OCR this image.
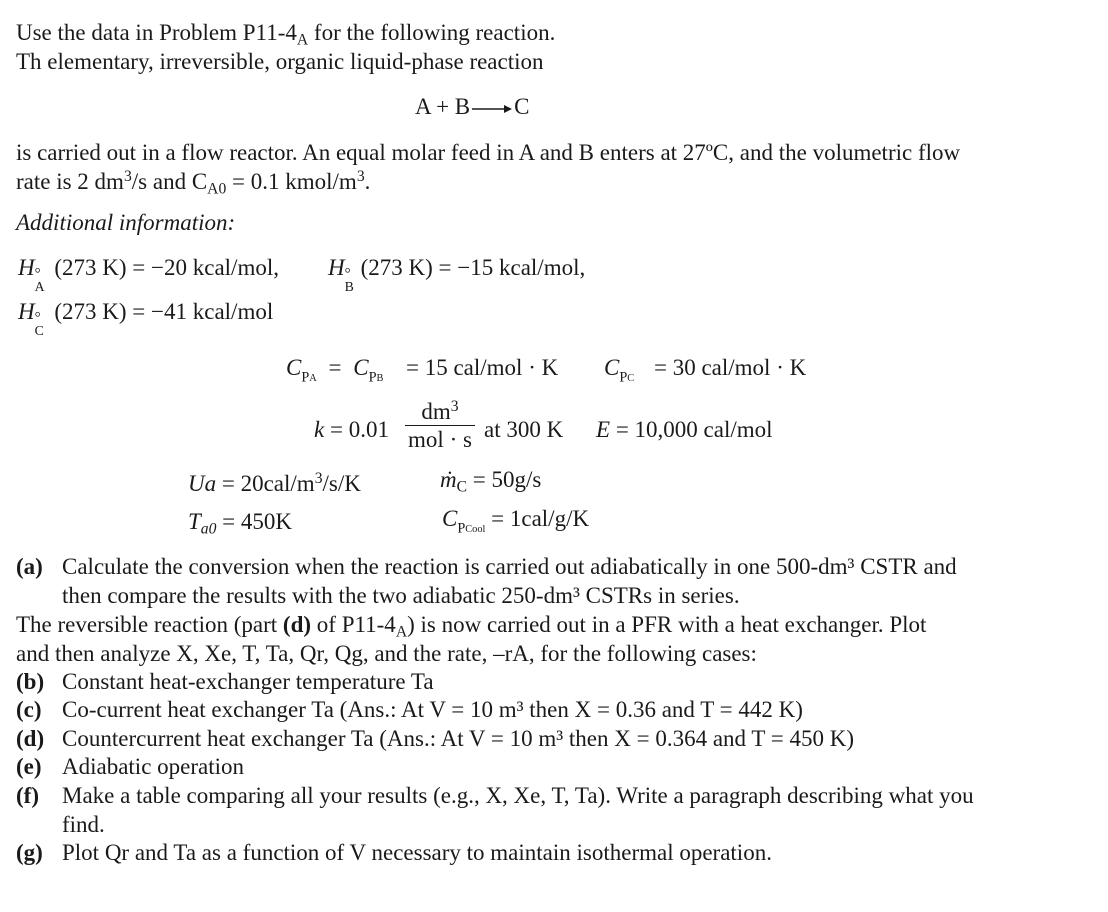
Use the data in Problem $P11-4_A$ for the following reaction.
Th elementary, irreversible, organic liquid-phase reaction
A + B → C
is carried out in a flow reactor. An equal molar feed in A and B enters at 27ºC, and the volumetric flow
rate is 2 $dm^3/s$ and $C_{A0} = 0.1$ kmol/$m^3$.
Additional information:
H °
A
(273 K) = −20 kcal/mol, H °
B
(273 K) = −15 kcal/mol,
H °
C
(273 K) = −41 kcal/mol
$C_{PA} = C_{PB} = 15$ cal/mol · K $C_{PC} = 30$ cal/mol · K
k = 0.01
$dm^3$
mol · s at 300 K E = 10,000 cal/mol
$Ua = 20cal/m^3/s/K$	ṁ$_C$ = 50g/s
$T_{a0} = 450K$	$C_{PCool} = 1cal/g/K$
(a) Calculate the conversion when the reaction is carried out adiabatically in one 500-dm³ CSTR and
then compare the results with the two adiabatic 250-dm³ CSTRs in series.
The reversible reaction (part (d) of $P11-4_A$) is now carried out in a PFR with a heat exchanger. Plot
and then analyze X, Xe, T, Ta, Qr, Qg, and the rate, –rA, for the following cases:
(b) Constant heat-exchanger temperature Ta
(c) Co-current heat exchanger Ta (Ans.: At V = 10 m³ then X = 0.36 and T = 442 K)
(d) Countercurrent heat exchanger Ta (Ans.: At V = 10 m³ then X = 0.364 and T = 450 K)
(e) Adiabatic operation
(f) Make a table comparing all your results (e.g., X, Xe, T, Ta). Write a paragraph describing what you
find.
(g) Plot Qr and Ta as a function of V necessary to maintain isothermal operation.
